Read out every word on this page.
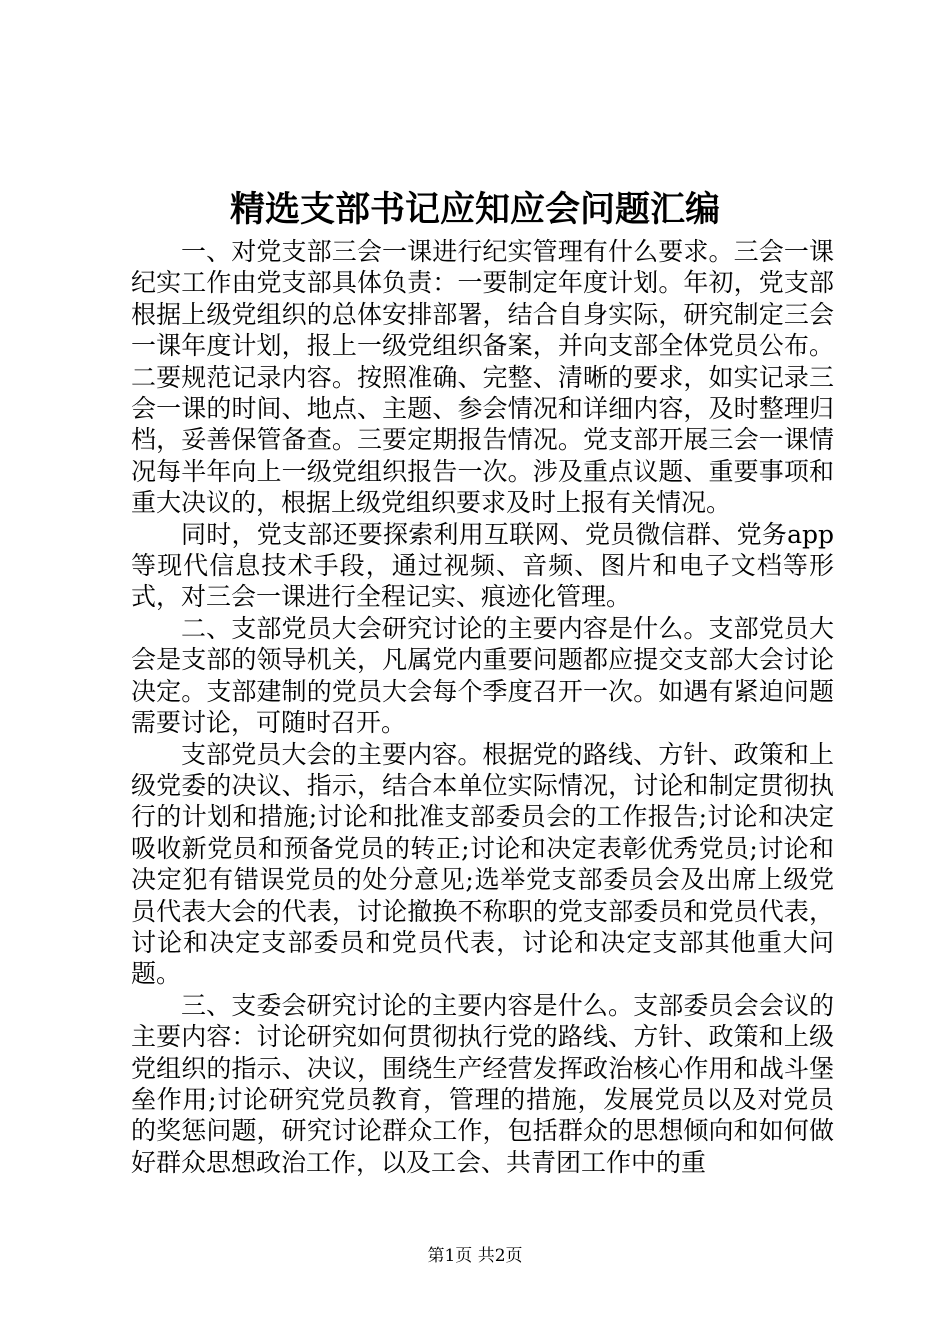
精选支部书记应知应会问题汇编

一、对党支部三会一课进行纪实管理有什么要求。三会一课纪实工作由党支部具体负责：一要制定年度计划。年初，党支部根据上级党组织的总体安排部署，结合自身实际，研究制定三会一课年度计划，报上一级党组织备案，并向支部全体党员公布。二要规范记录内容。按照准确、完整、清晰的要求，如实记录三会一课的时间、地点、主题、参会情况和详细内容，及时整理归档，妥善保管备查。三要定期报告情况。党支部开展三会一课情况每半年向上一级党组织报告一次。涉及重点议题、重要事项和重大决议的，根据上级党组织要求及时上报有关情况。

同时，党支部还要探索利用互联网、党员微信群、党务app等现代信息技术手段，通过视频、音频、图片和电子文档等形式，对三会一课进行全程记实、痕迹化管理。

二、支部党员大会研究讨论的主要内容是什么。支部党员大会是支部的领导机关，凡属党内重要问题都应提交支部大会讨论决定。支部建制的党员大会每个季度召开一次。如遇有紧迫问题需要讨论，可随时召开。

支部党员大会的主要内容。根据党的路线、方针、政策和上级党委的决议、指示，结合本单位实际情况，讨论和制定贯彻执行的计划和措施;讨论和批准支部委员会的工作报告;讨论和决定吸收新党员和预备党员的转正;讨论和决定表彰优秀党员;讨论和决定犯有错误党员的处分意见;选举党支部委员会及出席上级党员代表大会的代表，讨论撤换不称职的党支部委员和党员代表，讨论和决定支部委员和党员代表，讨论和决定支部其他重大问题。

三、支委会研究讨论的主要内容是什么。支部委员会会议的主要内容：讨论研究如何贯彻执行党的路线、方针、政策和上级党组织的指示、决议，围绕生产经营发挥政治核心作用和战斗堡垒作用;讨论研究党员教育，管理的措施，发展党员以及对党员的奖惩问题，研究讨论群众工作，包括群众的思想倾向和如何做好群众思想政治工作，以及工会、共青团工作中的重

第1页 共2页
